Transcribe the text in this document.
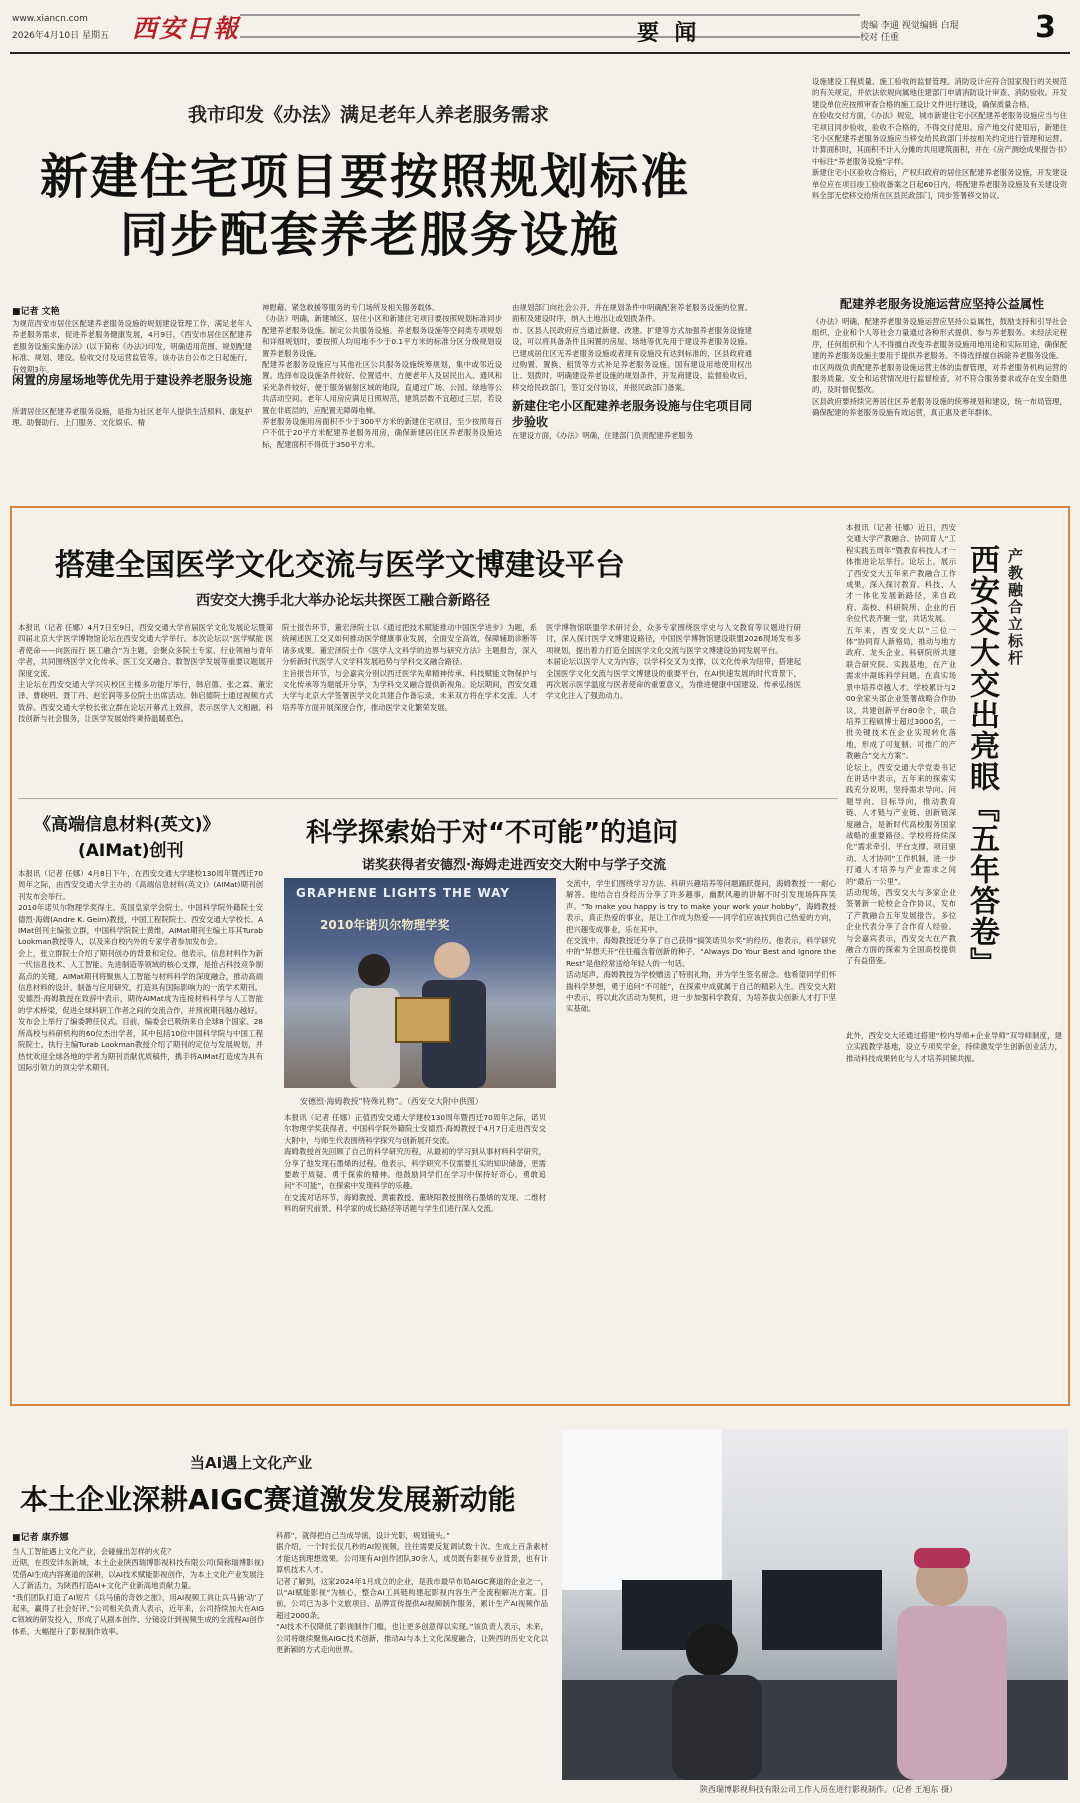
www.xiancn.com
2026年4月10日 星期五 西安日報	要  闻	责编 李通 视觉编辑 白琨
校对 任重	3
我市印发《办法》满足老年人养老服务需求
新建住宅项目要按照规划标准
同步配套养老服务设施
■记者 文艳
为规范西安市居住区配建养老服务设施的规划建设管理工作，满足老年人养老服务需求，促进养老服务健康发展，4月9日，《西安市居住区配建养老服务设施实施办法》(以下简称《办法》)印发，明确适用范围、规划配建标准、规划、建设、验收交付及运营监管等。该办法自公布之日起施行，有效期3年。
闲置的房屋场地等优先用于建设养老服务设施
所谓居住区配建养老服务设施，是指为社区老年人提供生活照料、康复护理、助餐助行、上门服务、文化娱乐、精
神慰藉、紧急救援等服务的专门场所及相关服务载体。
《办法》明确，新建城区、居住小区和新建住宅项目要按照规划标准同步配建养老服务设施。制定公共服务设施、养老服务设施等空间类专项规划和详细规划时，要按照人均用地不少于0.1平方米的标准分区分级规划设置养老服务设施。
配建养老服务设施应与其他社区公共服务设施统筹规划，集中或邻近设置。选择布设设施条件较好、位置适中、方便老年人及居民出入、通风和采光条件较好，便于服务辐射区域的地段，直通过广场、公园、绿地等公共活动空间。老年人用房应满足日照规范，建筑层数不宜超过三层，若设置在非底层的，应配置无障碍电梯。
养老服务设施用房面积不少于300平方米的新建住宅项目，至少按照每百户不低于20平方米配建养老服务用房，确保新建居住区养老服务设施达标，配建面积不得低于350平方米。
由规划部门向社会公开，并在规划条件中明确配套养老服务设施的位置、面积及建设时序，纳入土地出让或划拨条件。
市、区县人民政府应当通过新建、改建、扩建等方式加强养老服务设施建设，可以将具备条件且闲置的房屋、场地等优先用于建设养老服务设施。已建成居住区无养老服务设施或者现有设施没有达到标准的，区县政府通过购置、置换、租赁等方式补足养老服务设施。国有建设用地使用权出让、划拨时，明确建设养老设施的规划条件，开发商建设、监督验收后，移交给民政部门，签订交付协议，并报民政部门备案。
新建住宅小区配建养老服务设施与住宅项目同步验收
在建设方面，《办法》明确，住建部门负责配建养老服务
设施建设工程质量、施工验收的监督管理。消防设计应符合国家现行的关规范的有关规定，并依法依规向属地住建部门申请消防设计审查、消防验收。开发建设单位应按照审查合格的施工设计文件进行建设，确保质量合格。
在验收交付方面，《办法》规定，城市新建住宅小区配建养老服务设施应当与住宅项目同步验收，验收不合格的，不得交付使用。房产地交付使用后，新建住宅小区配建养老服务设施应当移交给民政部门并按相关约定进行管理和运营。计算面积时，其面积不计入分摊的共用建筑面积，并在《房产测绘成果报告书》中标注“养老服务设施”字样。
新建住宅小区验收合格后，产权归政府的居住区配建养老服务设施，开发建设单位应在项目竣工验收备案之日起60日内，将配建养老服务设施及有关建设资料全部无偿移交给所在区县民政部门，同步签署移交协议。
配建养老服务设施运营应坚持公益属性
《办法》明确，配建养老服务设施运营应坚持公益属性，鼓励支持和引导社会组织、企业和个人等社会力量通过各种形式提供、参与养老服务。未经法定程序，任何组织和个人不得擅自改变养老服务设施用地用途和实际用途，确保配建的养老服务设施主要用于提供养老服务。不得选择擅自拆除养老服务设施。
市区两级负责配建养老服务设施运营主体的监督管理，对养老服务机构运营的服务质量、安全和运营情况进行监督检查，对不符合服务要求或存在安全隐患的，及时督促整改。
区县政府要持续完善居住区养老服务设施的统筹规划和建设，统一布局管理，确保配建的养老服务设施有效运营，真正惠及老年群体。
搭建全国医学文化交流与医学文博建设平台
西安交大携手北大举办论坛共探医工融合新路径
本报讯（记者 任娜）4月7日至9日，西安交通大学首届医学文化发展论坛暨第四届北京大学医学博物馆论坛在西安交通大学举行。本次论坛以“医学赋能 医者使命——向医而行 医工融合”为主题，会聚众多院士专家、行业领袖与青年学者，共同围绕医学文化传承、医工交叉融合、数智医学发展等重要议题展开深度交流。
主论坛在西安交通大学兴庆校区主楼多功能厅举行，韩启德、张之霖、董宏泽、曹晓明、聂丁丹、赵宏润等多位院士出席活动。韩启德院士通过视频方式致辞。西安交通大学校长张立群在论坛开幕式上致辞，表示医学人文相融、科技创新与社会服务，让医学发展始终秉持温暖底色。
院士报告环节，董宏泽院士以《通过把技术赋能推动中国医学进步》为题，系统阐述医工交叉如何推动医学健康事业发展，全面安全高效，保障辅助诊断等诸多成果。董宏泽院士作《医学人文科学的边界与研究方法》主题报告，深入分析新时代医学人文学科发展趋势与学科交叉融合路径。
主旨报告环节，与会嘉宾分别以西迁医学先辈精神传承、科技赋能文物保护与文化传承等为题展开分享，为学科交叉融合提供新视角。论坛期间，西安交通大学与北京大学签署医学文化共建合作备忘录，未来双方将在学术交流、人才培养等方面开展深度合作，推动医学文化繁荣发展。
医学博物馆联盟学术研讨会，众多专家围绕医学史与人文教育等议题进行研讨，深入探讨医学文博建设路径，中国医学博物馆建设联盟2026现场发布多项规划，提出着力打造全国医学文化交流与医学文博建设协同发展平台。
本届论坛以医学人文为内容，以学科交叉为支撑，以文化传承为纽带，搭建起全国医学文化交流与医学文博建设的重要平台，在AI快速发展的时代背景下，再次展示医学温度与医者使命的重要意义，为推进健康中国建设、传承弘扬医学文化注入了强劲动力。
产教融合立标杆
西安交大交出亮眼『五年答卷』
本报讯（记者 任娜）近日，西安交通大学产教融合、协同育人“工程实践五周年”暨教育科技人才一体推进论坛举行。论坛上，展示了西安交大五年来产教融合工作成果，深入探讨教育、科技、人才一体化发展新路径，来自政府、高校、科研院所、企业的百余位代表齐聚一堂，共话发展。
五年来，西安交大以“三位一体”协同育人新格局，推动与地方政府、龙头企业、科研院所共建联合研究院、实践基地，在产业需求中凝练科学问题、在真实场景中培养卓越人才。学校累计与200余家头部企业签署战略合作协议，共建创新平台80余个，联合培养工程硕博士超过3000名，一批关键技术在企业实现转化落地，形成了可复制、可推广的产教融合“交大方案”。
论坛上，西安交通大学党委书记在讲话中表示，五年来的探索实践充分说明，坚持需求导向、问题导向、目标导向，推动教育链、人才链与产业链、创新链深度融合，是新时代高校服务国家战略的重要路径。学校将持续深化“需求牵引、平台支撑、项目驱动、人才协同”工作机制，进一步打通人才培养与产业需求之间的“最后一公里”。
活动现场，西安交大与多家企业签署新一轮校企合作协议，发布了产教融合五年发展报告，多位企业代表分享了合作育人经验。与会嘉宾表示，西安交大在产教融合方面的探索为全国高校提供了有益借鉴。
此外，西安交大还通过搭建“校内导师+企业导师”双导师制度，建立实践教学基地，设立专项奖学金，持续激发学生创新创业活力，推动科技成果转化与人才培养同频共振。
《高端信息材料(英文)》
(AIMat)创刊
本报讯（记者 任娜）4月8日下午，在西安交通大学建校130周年暨西迁70周年之际，由西安交通大学主办的《高端信息材料(英文)》(AIMat)期刊创刊发布会举行。
2010年诺贝尔物理学奖得主、英国皇家学会院士、中国科学院外籍院士安德烈·海姆(Andre K. Geim)教授，中国工程院院士、西安交通大学校长、AIMat创刊主编张立群，中国科学院院士黄维，AIMat期刊主编土耳其Turab Lookman教授等人，以及来自校内外的专家学者参加发布会。
会上，张立群院士介绍了期刊创办的背景和定位。他表示，信息材料作为新一代信息技术、人工智能、先进制造等领域的核心支撑，是抢占科技竞争制高点的关键。AIMat期刊将聚焦人工智能与材料科学的深度融合，推动高端信息材料的设计、制备与应用研究，打造具有国际影响力的一流学术期刊。
安德烈·海姆教授在致辞中表示，期待AIMat成为连接材料科学与人工智能的学术桥梁，促进全球科研工作者之间的交流合作，并预祝期刊越办越好。
发布会上举行了编委聘任仪式。目前，编委会已吸纳来自全球8个国家、28所高校与科研机构的60位杰出学者，其中包括10位中国科学院与中国工程院院士。执行主编Turab Lookman教授介绍了期刊的定位与发展规划，并热忱欢迎全球各地的学者为期刊贡献优质稿件，携手将AIMat打造成为具有国际引领力的顶尖学术期刊。
科学探索始于对“不可能”的追问
诺奖获得者安德烈·海姆走进西安交大附中与学子交流
GRAPHENE LIGHTS THE WAY
2010年诺贝尔物理学奖
安德烈·海姆教授“特殊礼物”。（西安交大附中供图）
本报讯（记者 任娜）正值西安交通大学建校130周年暨西迁70周年之际，诺贝尔物理学奖获得者、中国科学院外籍院士安德烈·海姆教授于4月7日走进西安交大附中，与师生代表围绕科学探究与创新展开交流。
海姆教授首先回顾了自己的科学研究历程，从最初的学习到从事材料科学研究，分享了他发现石墨烯的过程。他表示，科学研究不仅需要扎实的知识储备，更需要敢于质疑、勇于探索的精神。他鼓励同学们在学习中保持好奇心，勇敢追问“不可能”，在探索中发现科学的乐趣。
在交流对话环节，海姆教授、黄霍教授、董晓阳教授围绕石墨烯的发现、二维材料的研究前景、科学家的成长路径等话题与学生们进行深入交流。
交流中，学生们围绕学习方法、科研兴趣培养等问题踊跃提问，海姆教授一一耐心解答。他结合自身经历分享了许多趣事，幽默风趣的讲解不时引发现场阵阵笑声。“To make you happy is try to make your work your hobby”，海姆教授表示，真正热爱的事业，是让工作成为热爱——同学们应该找到自己热爱的方向，把兴趣变成事业，乐在其中。
在交流中，海姆教授还分享了自己获得“搞笑诺贝尔奖”的经历。他表示，科学研究中的“异想天开”往往蕴含着创新的种子，“Always Do Your Best and Ignore the Rest”是他经常送给年轻人的一句话。
活动尾声，海姆教授为学校赠送了特别礼物，并为学生签名留念。他希望同学们怀揣科学梦想，勇于追问“不可能”，在探索中成就属于自己的精彩人生。西安交大附中表示，将以此次活动为契机，进一步加强科学教育，为培养拔尖创新人才打下坚实基础。
当AI遇上文化产业
本土企业深耕AIGC赛道激发发展新动能
■记者 康乔娜
当人工智能遇上文化产业，会碰撞出怎样的火花？
近期，在西安沣东新城，本土企业陕西瑞博影视科技有限公司(简称瑞博影视)凭借AI生成内容赛道的深耕，以AI技术赋能影视创作，为本土文化产业发展注入了新活力，为陕西打造AI+文化产业新高地贡献力量。
“我们团队打造了AI短片《兵马俑的奇妙之旅》，用AI视频工具让兵马俑‘动’了起来，赢得了社会好评。”公司相关负责人表示，近年来，公司持续加大在AIGC领域的研发投入，形成了从剧本创作、分镜设计到视频生成的全流程AI创作体系，大幅提升了影视制作效率。
科都”，就得把自己当成导演，设计光影，规划镜头。”
据介绍，一个时长仅几秒的AI短视频，往往需要反复调试数十次、生成上百条素材才能达到理想效果。公司现有AI创作团队30余人，成员既有影视专业背景，也有计算机技术人才。
记者了解到，这家2024年1月成立的企业，是我市最早布局AIGC赛道的企业之一，以“AI赋能影视”为核心，整合AI工具链构建起影视内容生产全流程解决方案。目前，公司已为多个文旅项目、品牌宣传提供AI视频制作服务，累计生产AI视频作品超过2000条。
“AI技术不仅降低了影视制作门槛，也让更多创意得以实现。”该负责人表示，未来，公司将继续聚焦AIGC技术创新，推动AI与本土文化深度融合，让陕西的历史文化以更新颖的方式走向世界。
陕西瑞博影视科技有限公司工作人员在进行影视制作。（记者 王旭东 摄）
